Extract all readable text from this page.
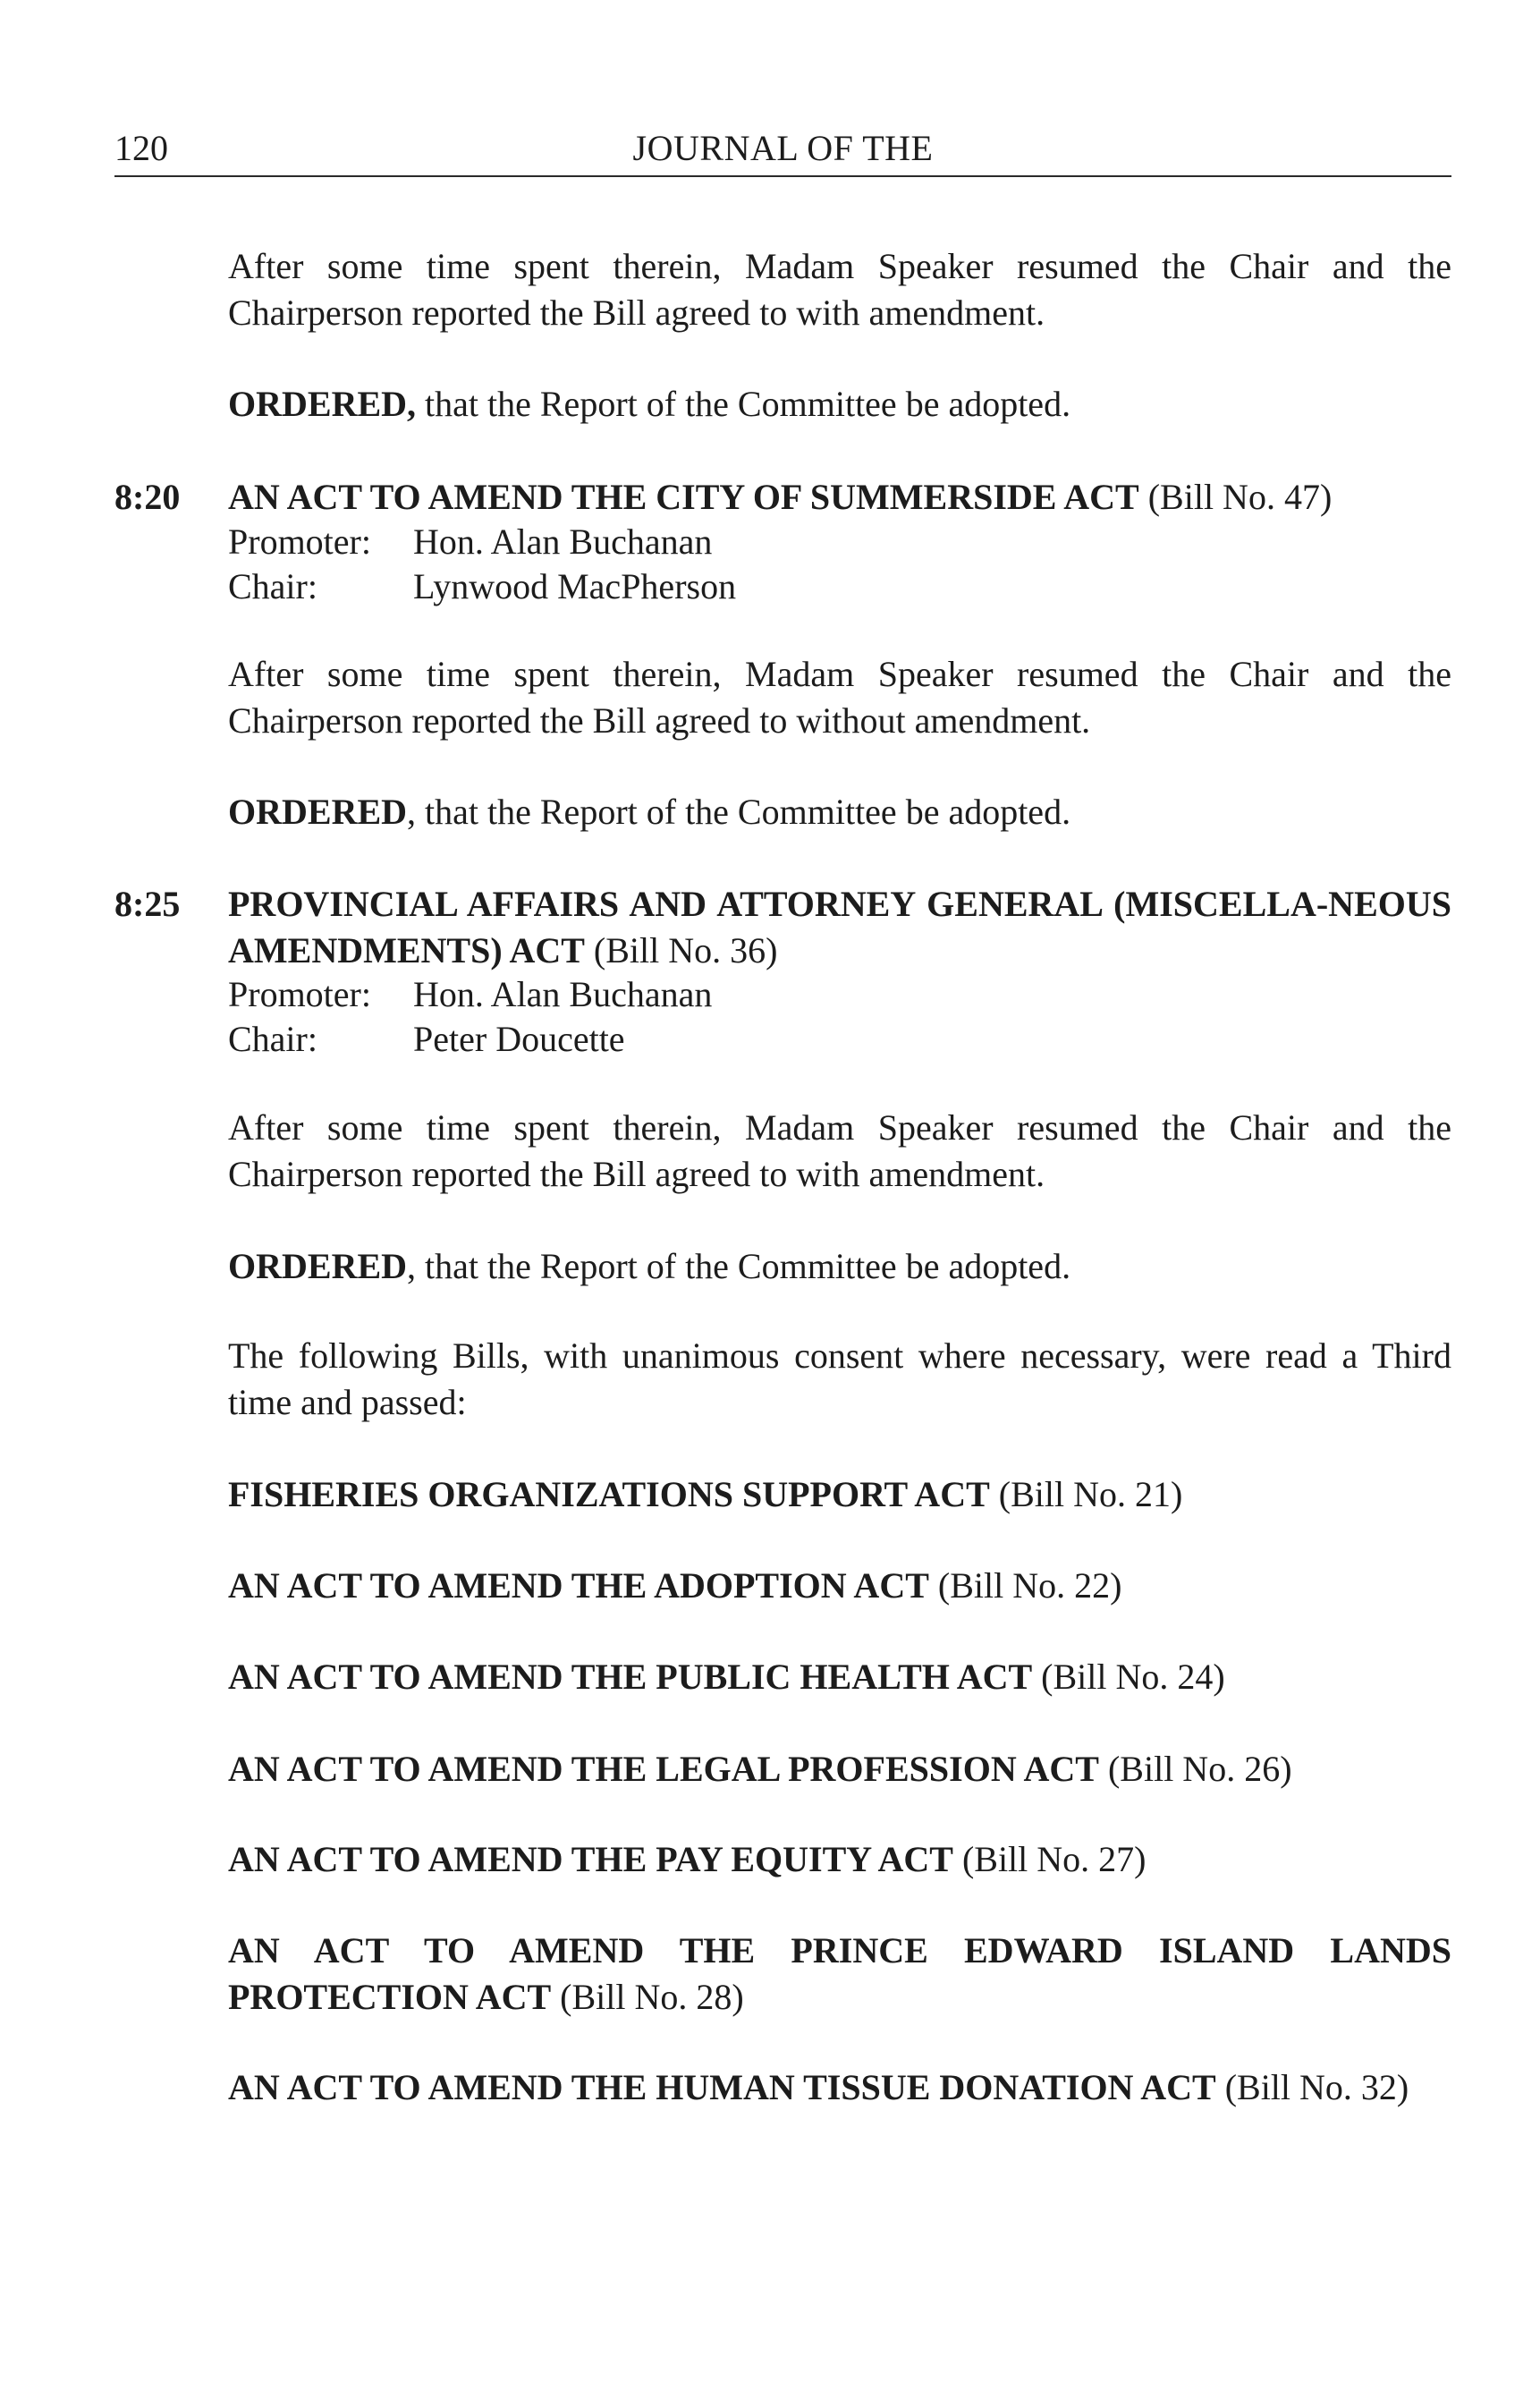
120	JOURNAL OF THE
After some time spent therein, Madam Speaker resumed the Chair and the Chairperson reported the Bill agreed to with amendment.
ORDERED, that the Report of the Committee be adopted.
8:20 AN ACT TO AMEND THE CITY OF SUMMERSIDE ACT (Bill No. 47)
Promoter: Hon. Alan Buchanan
Chair:	Lynwood MacPherson
After some time spent therein, Madam Speaker resumed the Chair and the Chairperson reported the Bill agreed to without amendment.
ORDERED, that the Report of the Committee be adopted.
8:25 PROVINCIAL AFFAIRS AND ATTORNEY GENERAL (MISCELLA-NEOUS AMENDMENTS) ACT (Bill No. 36)
Promoter: Hon. Alan Buchanan
Chair:	Peter Doucette
After some time spent therein, Madam Speaker resumed the Chair and the Chairperson reported the Bill agreed to with amendment.
ORDERED, that the Report of the Committee be adopted.
The following Bills, with unanimous consent where necessary, were read a Third time and passed:
FISHERIES ORGANIZATIONS SUPPORT ACT (Bill No. 21)
AN ACT TO AMEND THE ADOPTION ACT (Bill No. 22)
AN ACT TO AMEND THE PUBLIC HEALTH ACT (Bill No. 24)
AN ACT TO AMEND THE LEGAL PROFESSION ACT (Bill No. 26)
AN ACT TO AMEND THE PAY EQUITY ACT (Bill No. 27)
AN ACT TO AMEND THE PRINCE EDWARD ISLAND LANDS PROTECTION ACT (Bill No. 28)
AN ACT TO AMEND THE HUMAN TISSUE DONATION ACT (Bill No. 32)
